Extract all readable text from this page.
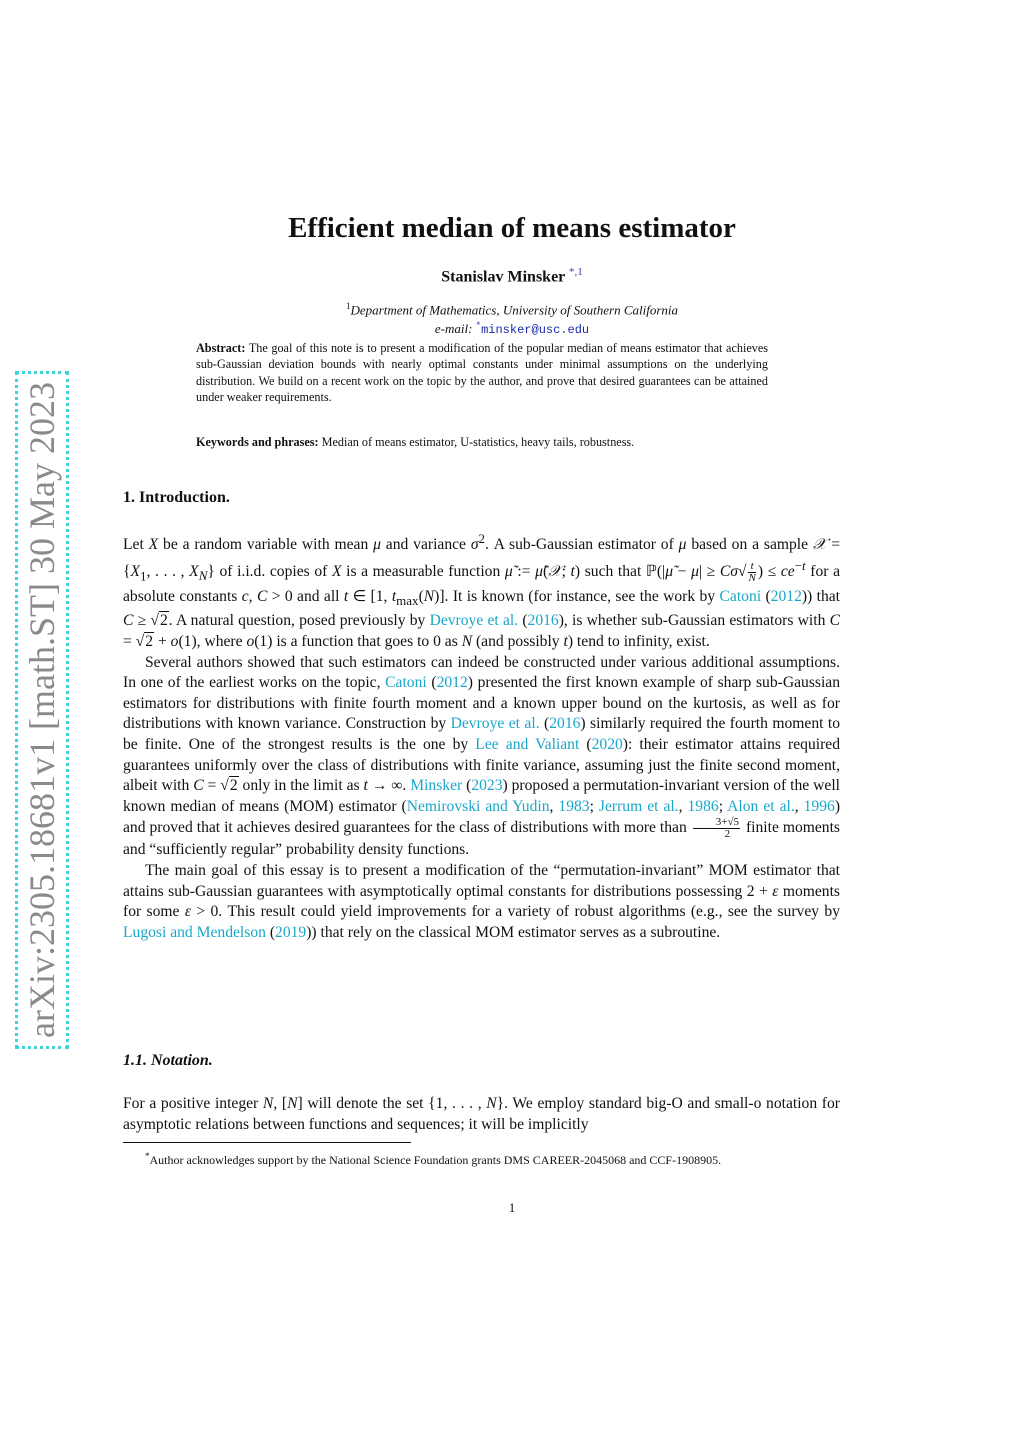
arXiv:2305.18681v1 [math.ST] 30 May 2023
Efficient median of means estimator
Stanislav Minsker $^{*,1}$
$^1$Department of Mathematics, University of Southern California
e-mail: *minsker@usc.edu
Abstract: The goal of this note is to present a modification of the popular median of means estimator that achieves sub-Gaussian deviation bounds with nearly optimal constants under minimal assumptions on the underlying distribution. We build on a recent work on the topic by the author, and prove that desired guarantees can be attained under weaker requirements.
Keywords and phrases: Median of means estimator, U-statistics, heavy tails, robustness.
1. Introduction.

Let X be a random variable with mean μ and variance $\sigma^2$. A sub-Gaussian estimator of μ based on a sample 𝒳 = {$X_1$, . . . , $X_N$} of i.i.d. copies of X is a measurable function μ̃ := μ̃(𝒳; t) such that ℙ(|μ̃ − $\mu| \ge C\sigma√ \frac{t}{N}$ ) ≤ $ce^{-t}$ for a absolute constants c, C > 0 and all t ∈ [1, $t_{max}(N)$]. It is known (for instance, see the work by Catoni (2012)) that C ≥ √2. A natural question, posed previously by Devroye et al. (2016), is whether sub-Gaussian estimators with C = √2 + o(1), where o(1) is a function that goes to 0 as N (and possibly t) tend to infinity, exist.

Several authors showed that such estimators can indeed be constructed under various additional assumptions. In one of the earliest works on the topic, Catoni (2012) presented the first known example of sharp sub-Gaussian estimators for distributions with finite fourth moment and a known upper bound on the kurtosis, as well as for distributions with known variance. Construction by Devroye et al. (2016) similarly required the fourth moment to be finite. One of the strongest results is the one by Lee and Valiant (2020): their estimator attains required guarantees uniformly over the class of distributions with finite variance, assuming just the finite second moment, albeit with C = √2 only in the limit as t → ∞. Minsker (2023) proposed a permutation-invariant version of the well known median of means (MOM) estimator (Nemirovski and Yudin, 1983; Jerrum et al., 1986; Alon et al., 1996) and proved that it achieves desired guarantees for the class of distributions with more than $\frac{3+√5}{2}$ finite moments and “sufficiently regular” probability density functions.

The main goal of this essay is to present a modification of the “permutation-invariant” MOM estimator that attains sub-Gaussian guarantees with asymptotically optimal constants for distributions possessing 2 + ε moments for some ε > 0. This result could yield improvements for a variety of robust algorithms (e.g., see the survey by Lugosi and Mendelson (2019)) that rely on the classical MOM estimator serves as a subroutine.

1.1. Notation.

For a positive integer N, [N] will denote the set {1, . . . , N}. We employ standard big-O and small-o notation for asymptotic relations between functions and sequences; it will be implicitly

*Author acknowledges support by the National Science Foundation grants DMS CAREER-2045068 and CCF-1908905.
1
